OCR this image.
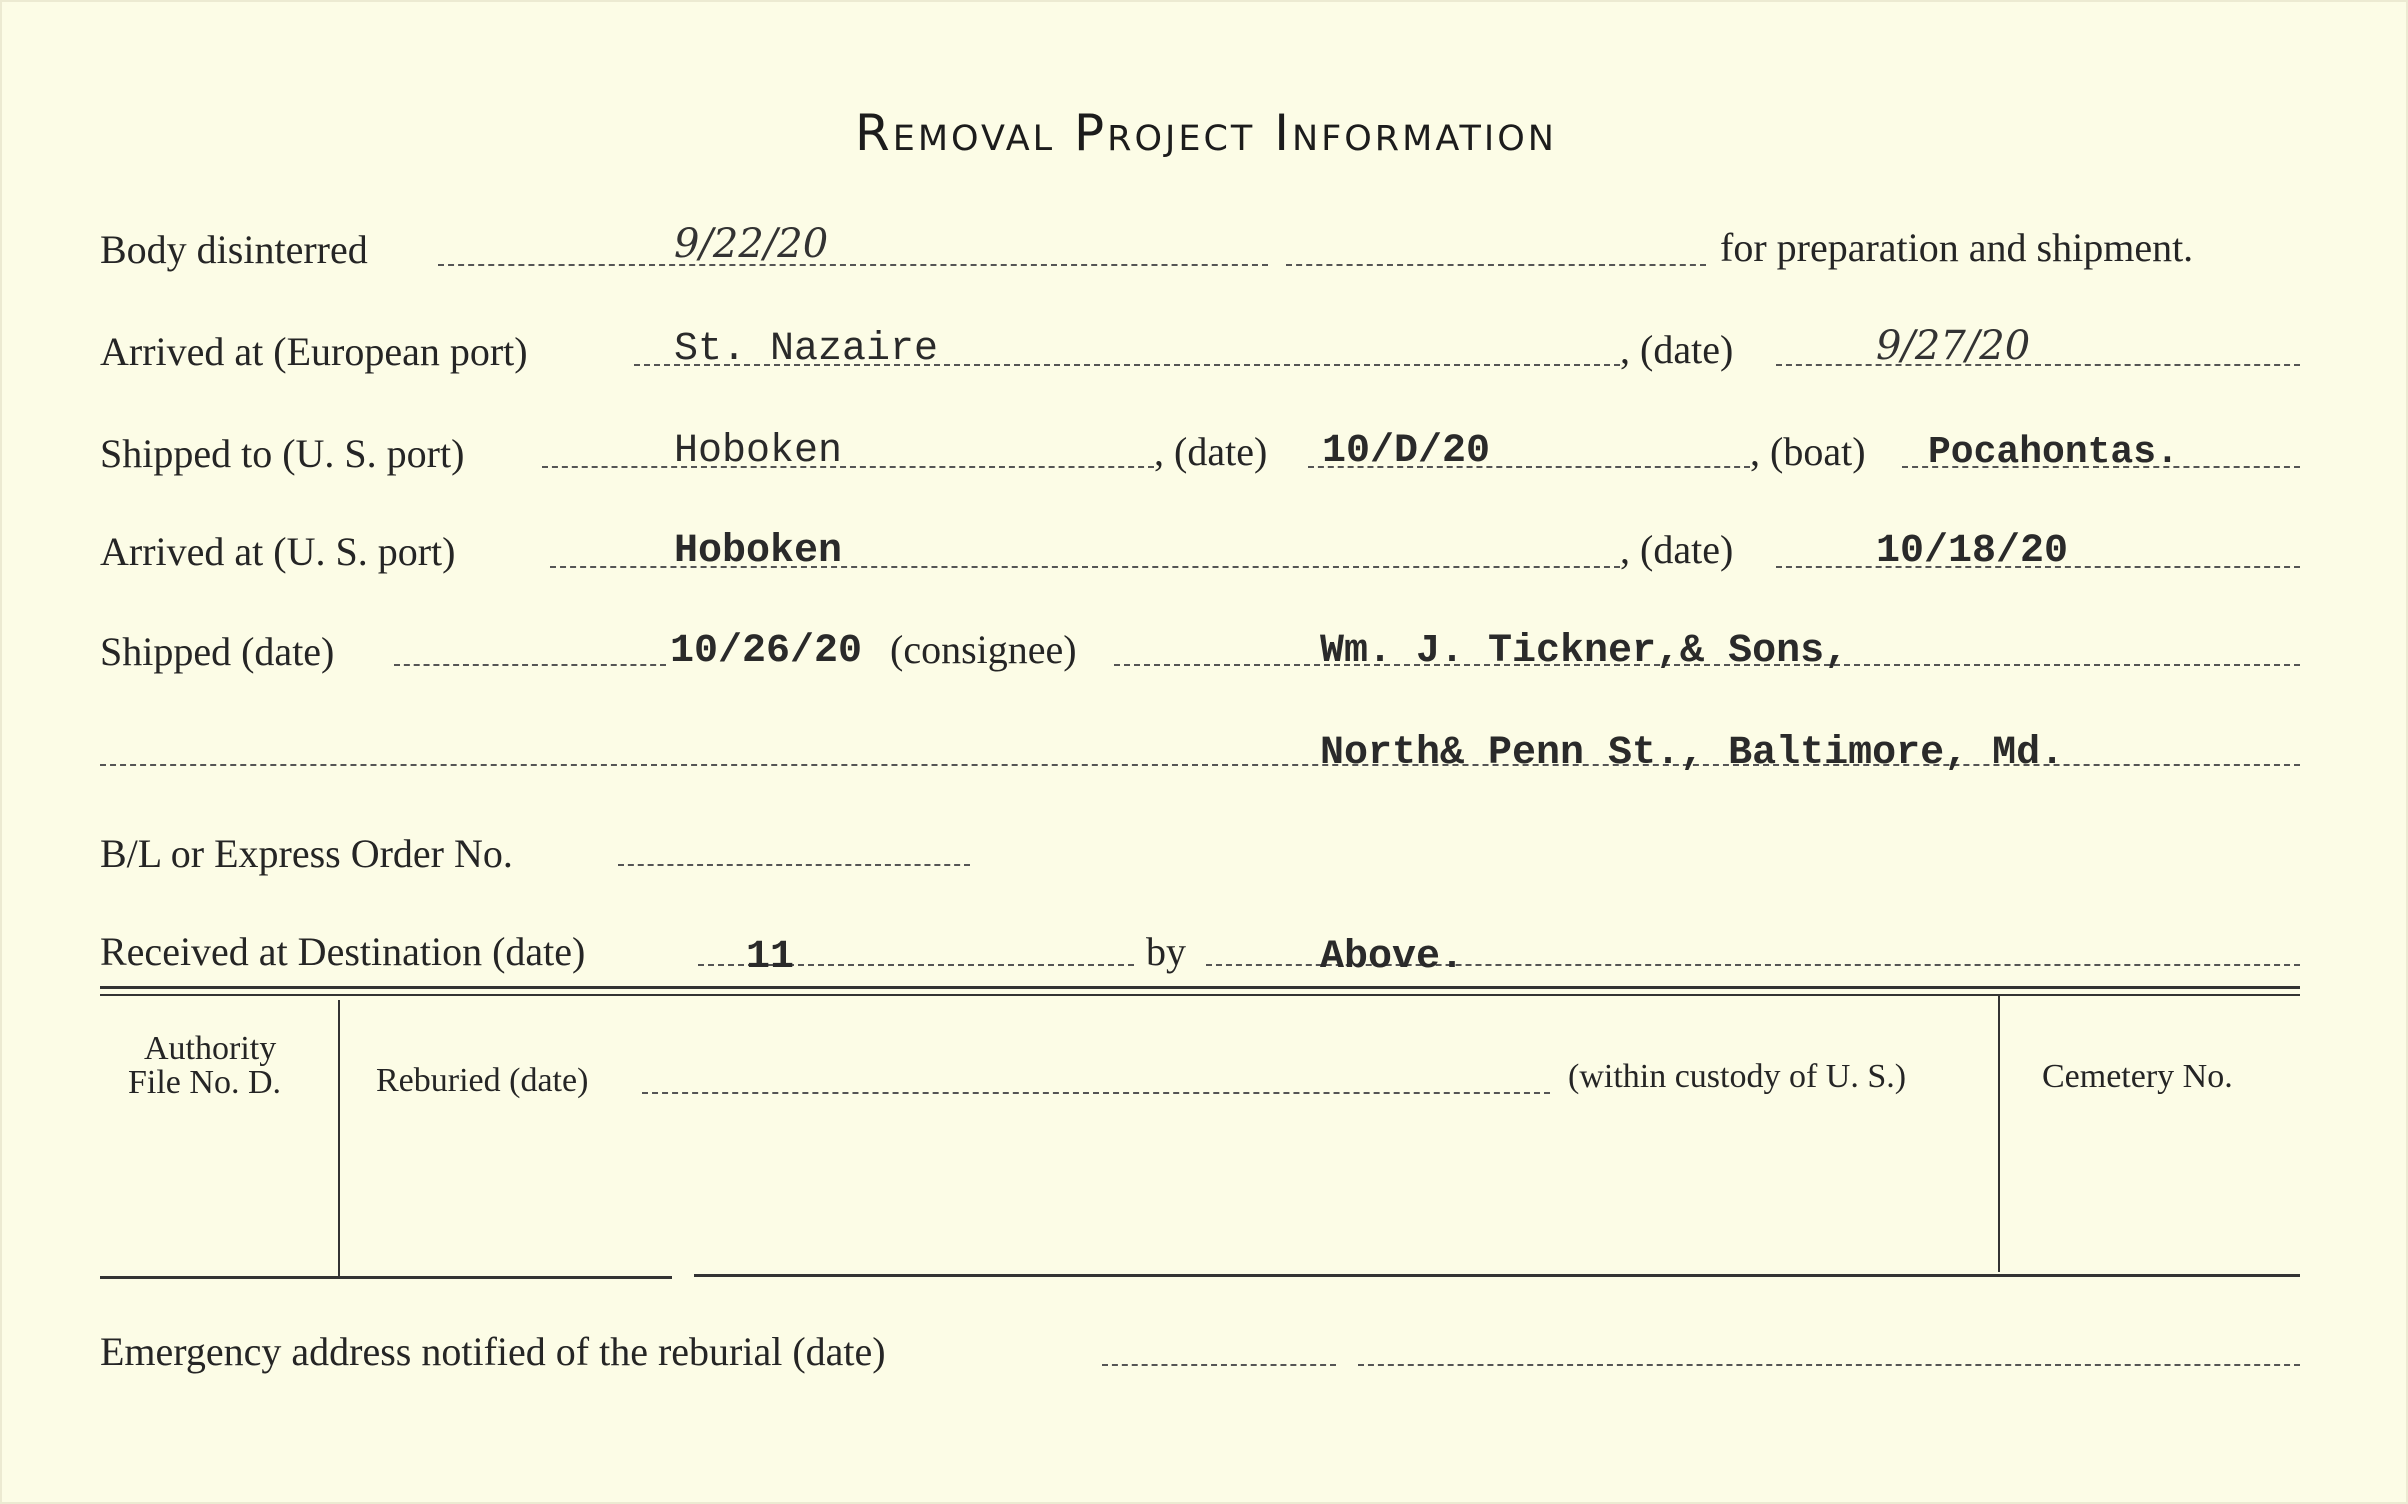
Removal Project Information
Body disinterred	9/22/20	for preparation and shipment.
Arrived at (European port)	St. Nazaire	, (date)	9/27/20
Shipped to (U. S. port)	Hoboken	, (date) 10/D/20	, (boat) Pocahontas.
Arrived at (U. S. port)	Hoboken	, (date)	10/18/20
Shipped (date)	10/26/20 (consignee)	Wm. J. Tickner,& Sons,
North& Penn St., Baltimore, Md.
B/L or Express Order No.
Received at Destination (date)	11	by	Above.
Authority
File No. D.	Reburied (date)	(within custody of U. S.)	Cemetery No.
Emergency address notified of the reburial (date)
